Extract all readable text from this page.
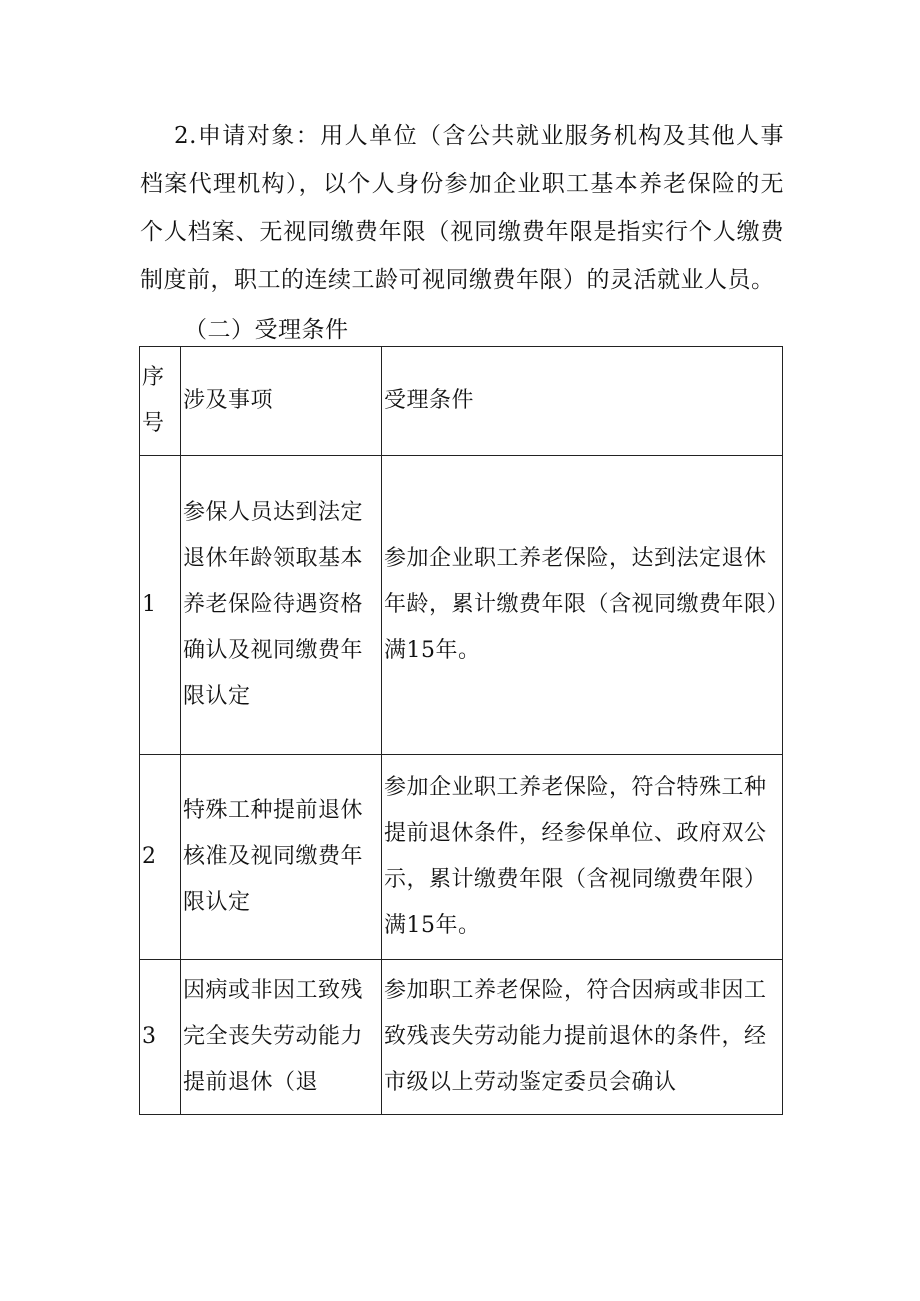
2.申请对象：用人单位（含公共就业服务机构及其他人事档案代理机构），以个人身份参加企业职工基本养老保险的无个人档案、无视同缴费年限（视同缴费年限是指实行个人缴费制度前，职工的连续工龄可视同缴费年限）的灵活就业人员。
（二）受理条件
序号	涉及事项	受理条件
1	参保人员达到法定退休年龄领取基本养老保险待遇资格确认及视同缴费年限认定	参加企业职工养老保险，达到法定退休年龄，累计缴费年限（含视同缴费年限）满15年。
2	特殊工种提前退休核准及视同缴费年限认定	参加企业职工养老保险，符合特殊工种提前退休条件，经参保单位、政府双公示，累计缴费年限（含视同缴费年限）满15年。
3	因病或非因工致残完全丧失劳动能力提前退休（退	参加职工养老保险，符合因病或非因工致残丧失劳动能力提前退休的条件，经市级以上劳动鉴定委员会确认
